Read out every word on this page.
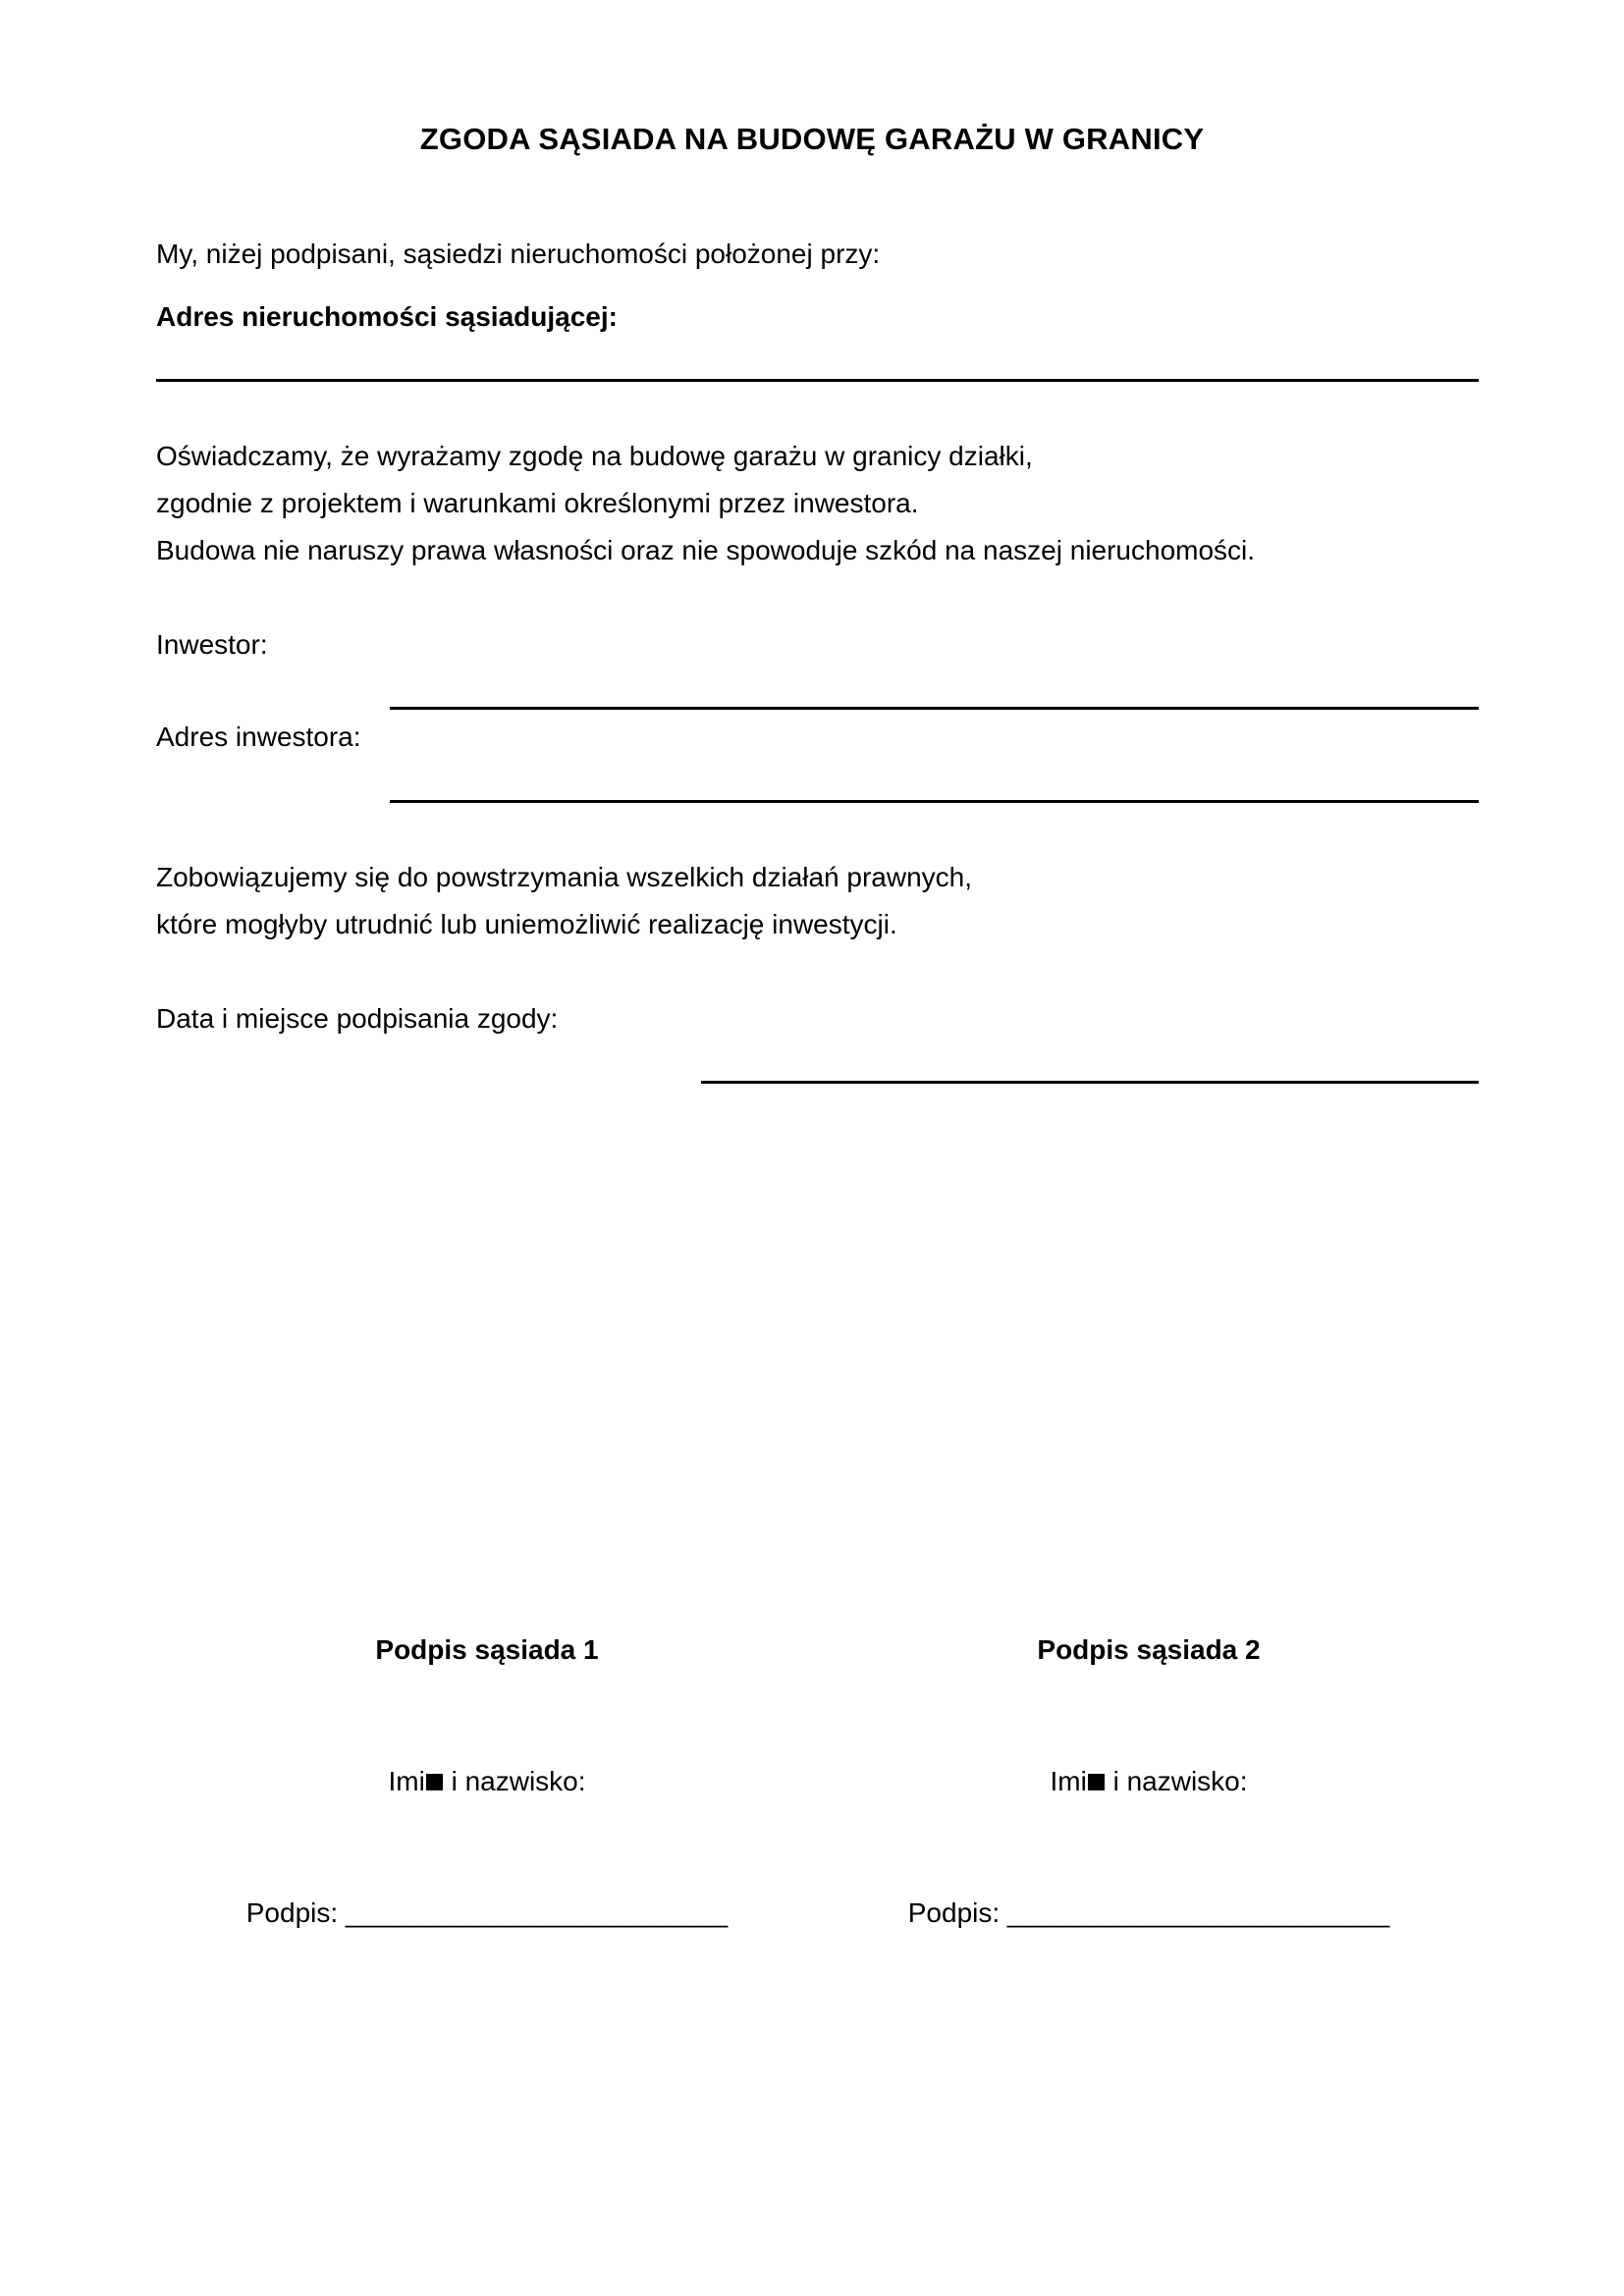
ZGODA SĄSIADA NA BUDOWĘ GARAŻU W GRANICY
My, niżej podpisani, sąsiedzi nieruchomości położonej przy:
Adres nieruchomości sąsiadującej:
Oświadczamy, że wyrażamy zgodę na budowę garażu w granicy działki,
zgodnie z projektem i warunkami określonymi przez inwestora.
Budowa nie naruszy prawa własności oraz nie spowoduje szkód na naszej nieruchomości.
Inwestor:
Adres inwestora:
Zobowiązujemy się do powstrzymania wszelkich działań prawnych,
które mogłyby utrudnić lub uniemożliwić realizację inwestycji.
Data i miejsce podpisania zgody:
Podpis sąsiada 1
Imi i nazwisko:
Podpis: _________________________
Podpis sąsiada 2
Imi i nazwisko:
Podpis: _________________________
